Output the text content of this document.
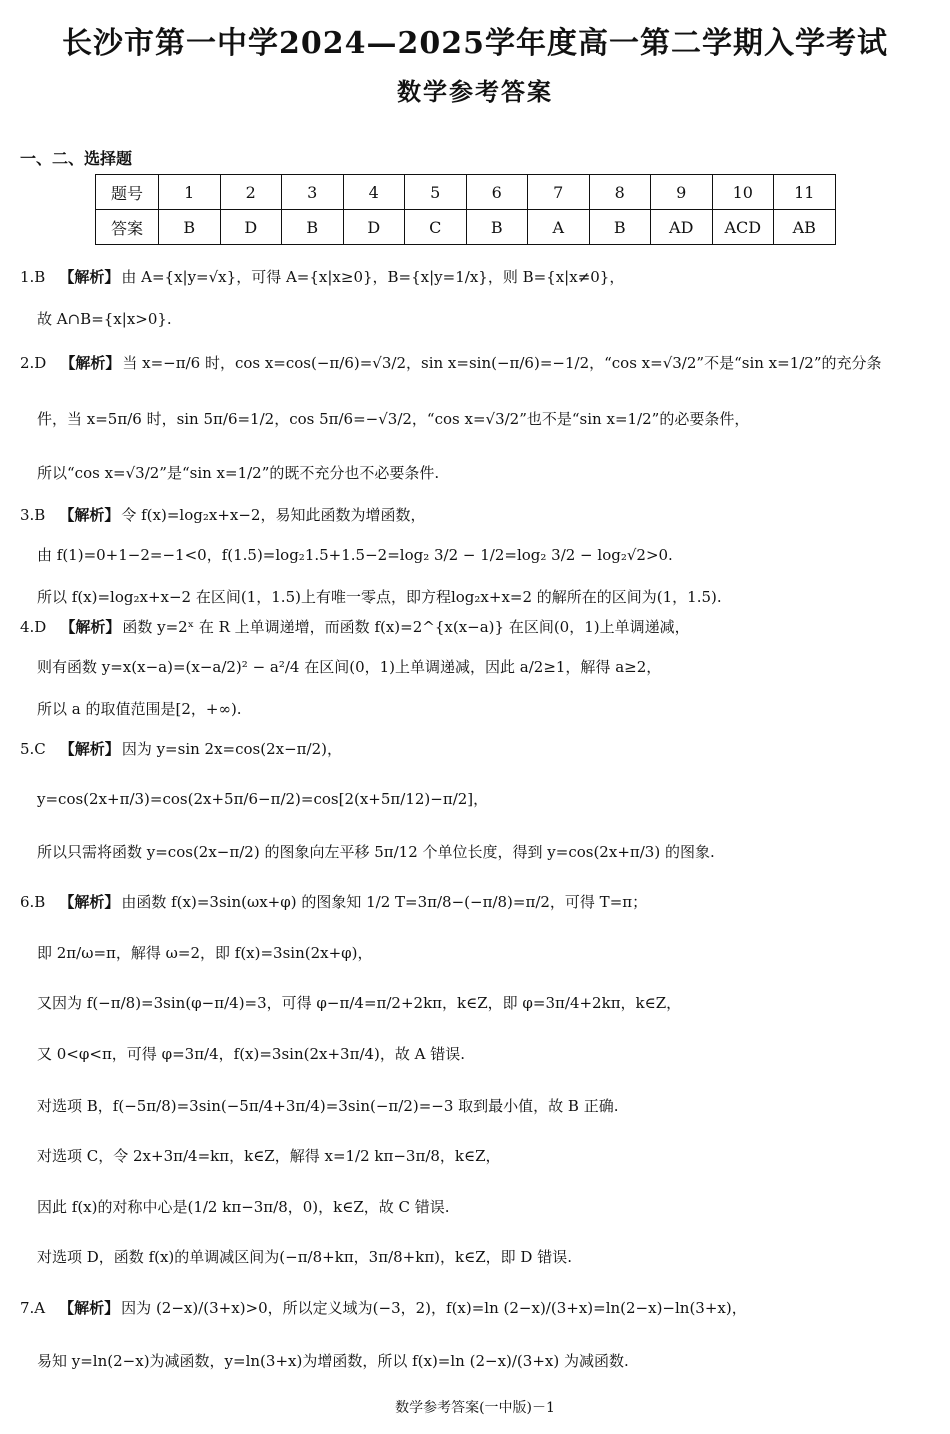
长沙市第一中学2024—2025学年度高一第二学期入学考试
数学参考答案
一、二、选择题
题号	1	2	3	4	5	6	7	8	9	10	11
答案	B	D	B	D	C	B	A	B	AD	ACD	AB
1.B 【解析】 由 A={x|y=√x}，可得 A={x|x≥0}，B={x|y=1/x}，则 B={x|x≠0}，
故 A∩B={x|x>0}.
2.D 【解析】 当 x=−π/6 时，cos x=cos(−π/6)=√3/2，sin x=sin(−π/6)=−1/2，“cos x=√3/2”不是“sin x=1/2”的充分条
件，当 x=5π/6 时，sin 5π/6=1/2，cos 5π/6=−√3/2，“cos x=√3/2”也不是“sin x=1/2”的必要条件，
所以“cos x=√3/2”是“sin x=1/2”的既不充分也不必要条件.
3.B 【解析】 令 f(x)=log₂x+x−2，易知此函数为增函数，
由 f(1)=0+1−2=−1<0，f(1.5)=log₂1.5+1.5−2=log₂ 3/2 − 1/2=log₂ 3/2 − log₂√2>0.
所以 f(x)=log₂x+x−2 在区间(1，1.5)上有唯一零点，即方程log₂x+x=2 的解所在的区间为(1，1.5).
4.D 【解析】 函数 y=2ˣ 在 R 上单调递增，而函数 f(x)=2^{x(x−a)} 在区间(0，1)上单调递减，
则有函数 y=x(x−a)=(x−a/2)² − a²/4 在区间(0，1)上单调递减，因此 a/2≥1，解得 a≥2，
所以 a 的取值范围是[2，+∞).
5.C 【解析】 因为 y=sin 2x=cos(2x−π/2)，
y=cos(2x+π/3)=cos(2x+5π/6−π/2)=cos[2(x+5π/12)−π/2]，
所以只需将函数 y=cos(2x−π/2) 的图象向左平移 5π/12 个单位长度，得到 y=cos(2x+π/3) 的图象.
6.B 【解析】 由函数 f(x)=3sin(ωx+φ) 的图象知 1/2 T=3π/8−(−π/8)=π/2，可得 T=π；
即 2π/ω=π，解得 ω=2，即 f(x)=3sin(2x+φ)，
又因为 f(−π/8)=3sin(φ−π/4)=3，可得 φ−π/4=π/2+2kπ，k∈Z，即 φ=3π/4+2kπ，k∈Z，
又 0<φ<π，可得 φ=3π/4，f(x)=3sin(2x+3π/4)，故 A 错误.
对选项 B，f(−5π/8)=3sin(−5π/4+3π/4)=3sin(−π/2)=−3 取到最小值，故 B 正确.
对选项 C，令 2x+3π/4=kπ，k∈Z，解得 x=1/2 kπ−3π/8，k∈Z，
因此 f(x)的对称中心是(1/2 kπ−3π/8，0)，k∈Z，故 C 错误.
对选项 D，函数 f(x)的单调减区间为(−π/8+kπ，3π/8+kπ)，k∈Z，即 D 错误.
7.A 【解析】 因为 (2−x)/(3+x)>0，所以定义域为(−3，2)，f(x)=ln (2−x)/(3+x)=ln(2−x)−ln(3+x)，
易知 y=ln(2−x)为减函数，y=ln(3+x)为增函数，所以 f(x)=ln (2−x)/(3+x) 为减函数.
数学参考答案(一中版)－1
